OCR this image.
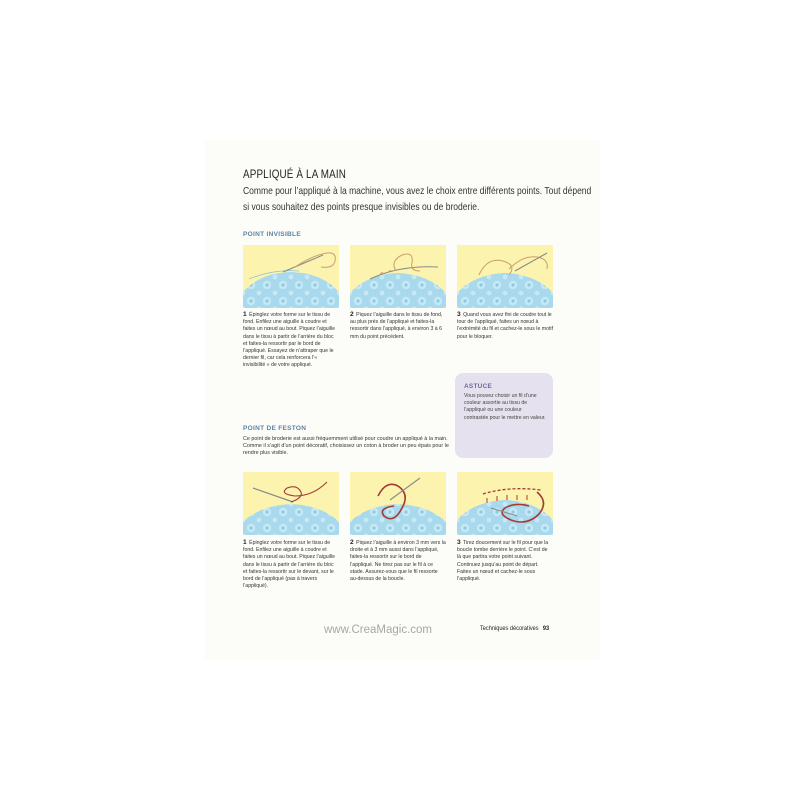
APPLIQUÉ À LA MAIN
Comme pour l’appliqué à la machine, vous avez le choix entre différents points. Tout dépend
si vous souhaitez des points presque invisibles ou de broderie.
POINT INVISIBLE
1 Épinglez votre forme sur le tissu de fond. Enfilez une aiguille à coudre et faites un nœud au bout. Piquez l’aiguille dans le tissu à partir de l’arrière du bloc et faites-la ressortir par le bord de l’appliqué. Essayez de n’attraper que le dernier fil, car cela renforcera l’« invisibilité » de votre appliqué.
2 Piquez l’aiguille dans le tissu de fond, au plus près de l’appliqué et faites-la ressortir dans l’appliqué, à environ 3 à 6 mm du point précédent.
3 Quand vous avez fini de coudre tout le tour de l’appliqué, faites un nœud à l’extrémité du fil et cachez-le sous le motif pour le bloquer.
ASTUCE
Vous pouvez choisir un fil d’une couleur assortie au tissu de l’appliqué ou une couleur contrastée pour le mettre en valeur.
POINT DE FESTON
Ce point de broderie est aussi fréquemment utilisé pour coudre un appliqué à la main. Comme il s’agit d’un point décoratif, choisissez un coton à broder un peu épais pour le rendre plus visible.
1 Épinglez votre forme sur le tissu de fond. Enfilez une aiguille à coudre et faites un nœud au bout. Piquez l’aiguille dans le tissu à partir de l’arrière du bloc et faites-la ressortir sur le devant, sur le bord de l’appliqué (pas à travers l’appliqué).
2 Piquez l’aiguille à environ 3 mm vers la droite et à 3 mm aussi dans l’appliqué, faites-la ressortir sur le bord de l’appliqué. Ne tirez pas sur le fil à ce stade. Assurez-vous que le fil ressorte au-dessus de la boucle.
3 Tirez doucement sur le fil pour que la boucle tombe derrière le point. C’est de là que partira votre point suivant. Continuez jusqu’au point de départ. Faites un nœud et cachez-le sous l’appliqué.
www.CreaMagic.com	Techniques décoratives 93
